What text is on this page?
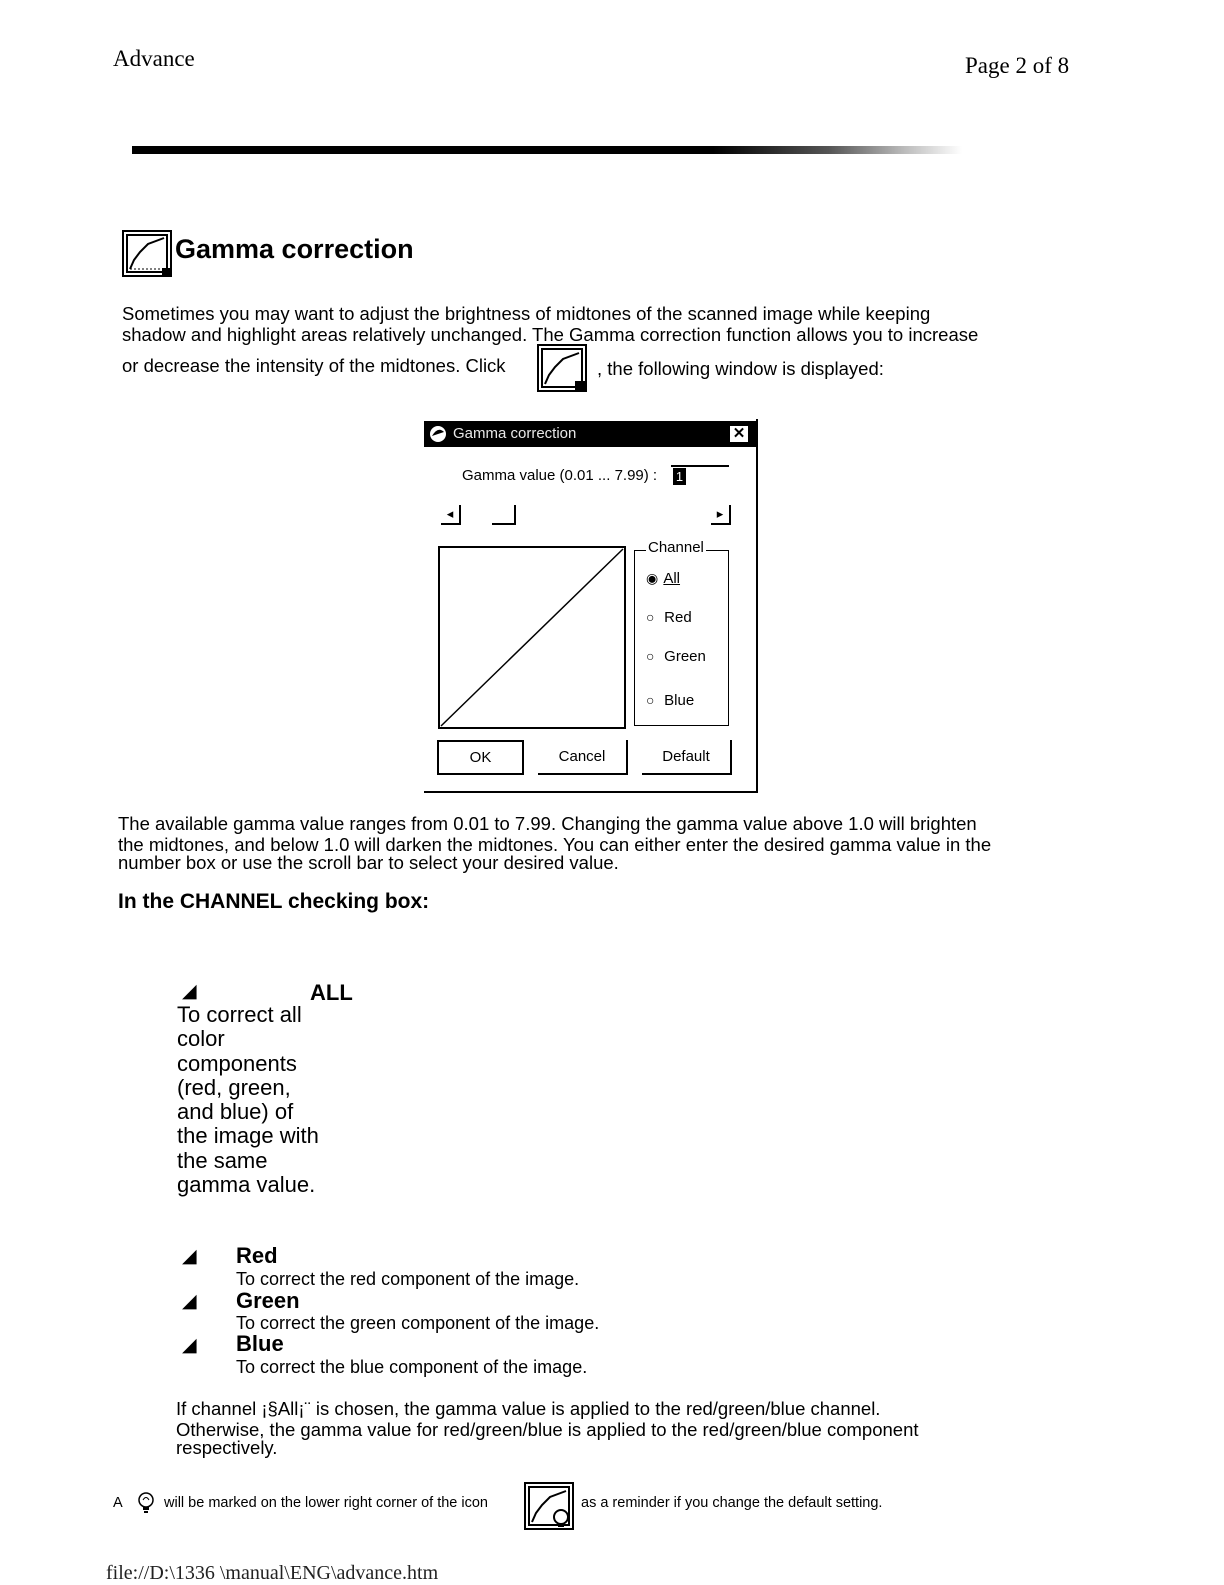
Advance	Page 2 of 8
Gamma correction
Sometimes you may want to adjust the brightness of midtones of the scanned image while keeping
shadow and highlight areas relatively unchanged. The Gamma correction function allows you to increase
or decrease the intensity of the midtones. Click	, the following window is displayed:
Gamma correction	✕
Gamma value (0.01 ... 7.99) : 1
◂	▸
Channel
◉ All
○ Red
○ Green
○ Blue
OK	Cancel	Default
The available gamma value ranges from 0.01 to 7.99. Changing the gamma value above 1.0 will brighten
the midtones, and below 1.0 will darken the midtones. You can either enter the desired gamma value in the
number box or use the scroll bar to select your desired value.
In the CHANNEL checking box:
◢	ALL
To correct all color components (red, green, and blue) of the image with the same gamma value.
◢ Red
To correct the red component of the image.
◢ Green
To correct the green component of the image.
◢ Blue
To correct the blue component of the image.
If channel ¡§All¡¨ is chosen, the gamma value is applied to the red/green/blue channel.
Otherwise, the gamma value for red/green/blue is applied to the red/green/blue component
respectively.
A	will be marked on the lower right corner of the icon	as a reminder if you change the default setting.
file://D:\1336 \manual\ENG\advance.htm
